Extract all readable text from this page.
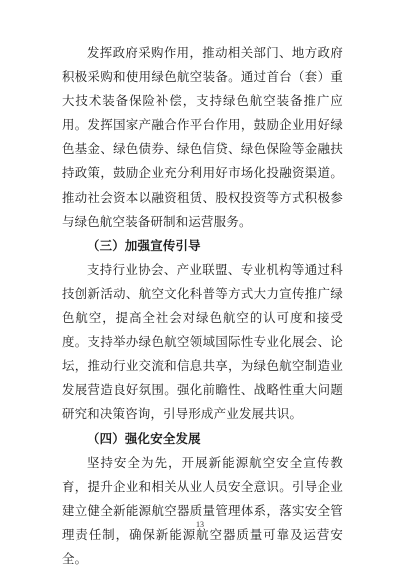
发挥政府采购作用，推动相关部门、地方政府积极采购和使用绿色航空装备。通过首台（套）重大技术装备保险补偿，支持绿色航空装备推广应用。发挥国家产融合作平台作用，鼓励企业用好绿色基金、绿色债券、绿色信贷、绿色保险等金融扶持政策，鼓励企业充分利用好市场化投融资渠道。推动社会资本以融资租赁、股权投资等方式积极参与绿色航空装备研制和运营服务。

（三）加强宣传引导

支持行业协会、产业联盟、专业机构等通过科技创新活动、航空文化科普等方式大力宣传推广绿色航空，提高全社会对绿色航空的认可度和接受度。支持举办绿色航空领域国际性专业化展会、论坛，推动行业交流和信息共享，为绿色航空制造业发展营造良好氛围。强化前瞻性、战略性重大问题研究和决策咨询，引导形成产业发展共识。

（四）强化安全发展

坚持安全为先，开展新能源航空安全宣传教育，提升企业和相关从业人员安全意识。引导企业建立健全新能源航空器质量管理体系，落实安全管理责任制，确保新能源航空器质量可靠及运营安全。

13
